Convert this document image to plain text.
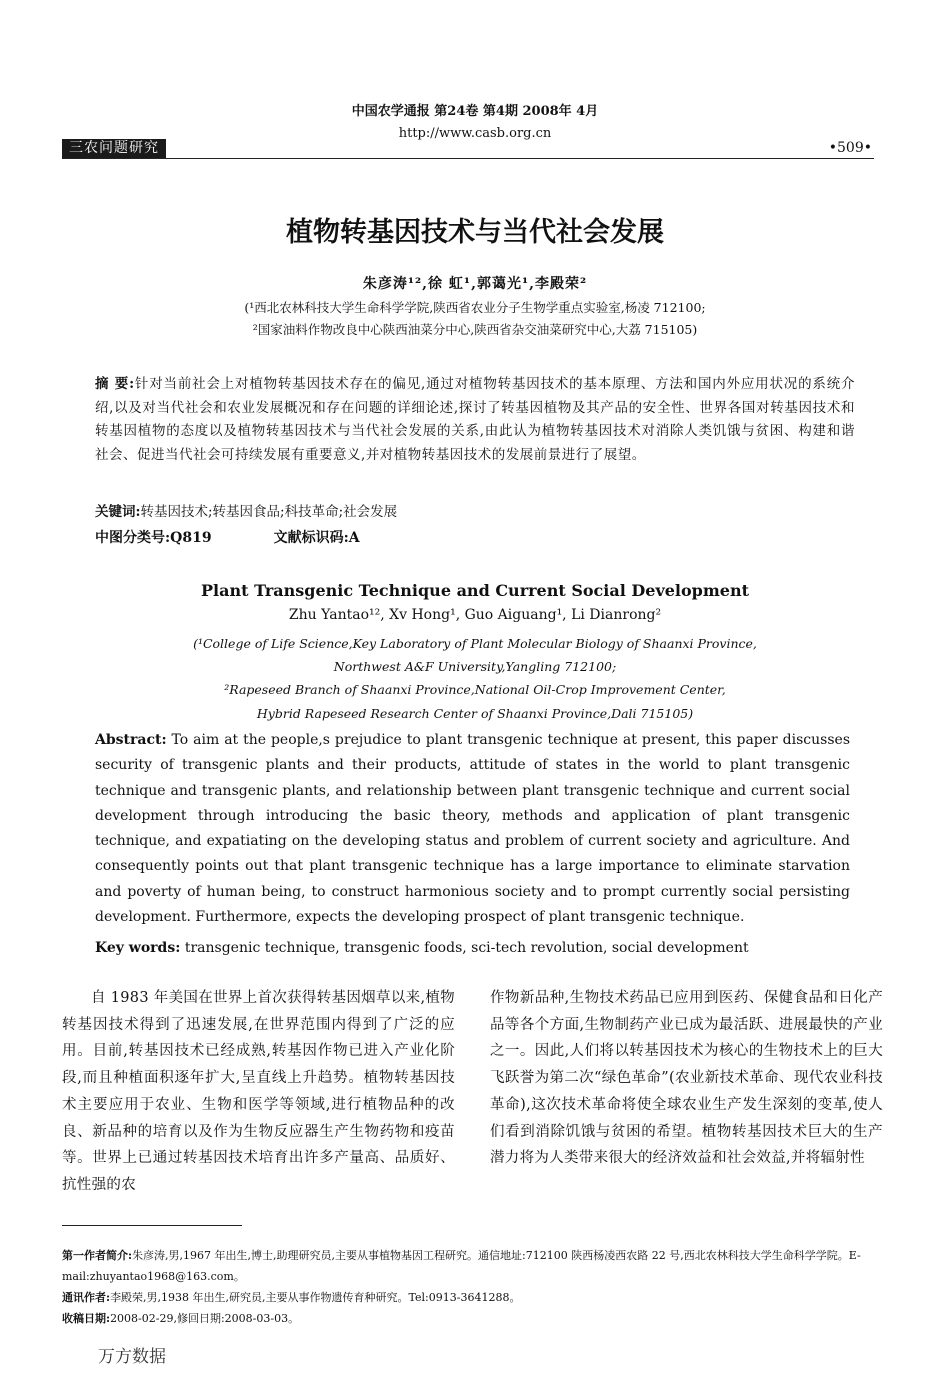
中国农学通报 第24卷 第4期 2008年 4月
http://www.casb.org.cn
三农问题研究	•509•
植物转基因技术与当代社会发展
朱彦涛¹²,徐 虹¹,郭蔼光¹,李殿荣²
(¹西北农林科技大学生命科学学院,陕西省农业分子生物学重点实验室,杨凌 712100;
²国家油料作物改良中心陕西油菜分中心,陕西省杂交油菜研究中心,大荔 715105)
摘 要:针对当前社会上对植物转基因技术存在的偏见,通过对植物转基因技术的基本原理、方法和国内外应用状况的系统介绍,以及对当代社会和农业发展概况和存在问题的详细论述,探讨了转基因植物及其产品的安全性、世界各国对转基因技术和转基因植物的态度以及植物转基因技术与当代社会发展的关系,由此认为植物转基因技术对消除人类饥饿与贫困、构建和谐社会、促进当代社会可持续发展有重要意义,并对植物转基因技术的发展前景进行了展望。
关键词:转基因技术;转基因食品;科技革命;社会发展
中图分类号:Q819	文献标识码:A
Plant Transgenic Technique and Current Social Development
Zhu Yantao¹², Xv Hong¹, Guo Aiguang¹, Li Dianrong²
(¹College of Life Science,Key Laboratory of Plant Molecular Biology of Shaanxi Province,
Northwest A&F University,Yangling 712100;
²Rapeseed Branch of Shaanxi Province,National Oil-Crop Improvement Center,
Hybrid Rapeseed Research Center of Shaanxi Province,Dali 715105)
Abstract: To aim at the people,s prejudice to plant transgenic technique at present, this paper discusses security of transgenic plants and their products, attitude of states in the world to plant transgenic technique and transgenic plants, and relationship between plant transgenic technique and current social development through introducing the basic theory, methods and application of plant transgenic technique, and expatiating on the developing status and problem of current society and agriculture. And consequently points out that plant transgenic technique has a large importance to eliminate starvation and poverty of human being, to construct harmonious society and to prompt currently social persisting development. Furthermore, expects the developing prospect of plant transgenic technique.
Key words: transgenic technique, transgenic foods, sci-tech revolution, social development
自 1983 年美国在世界上首次获得转基因烟草以来,植物转基因技术得到了迅速发展,在世界范围内得到了广泛的应用。目前,转基因技术已经成熟,转基因作物已进入产业化阶段,而且种植面积逐年扩大,呈直线上升趋势。植物转基因技术主要应用于农业、生物和医学等领域,进行植物品种的改良、新品种的培育以及作为生物反应器生产生物药物和疫苗等。世界上已通过转基因技术培育出许多产量高、品质好、抗性强的农
作物新品种,生物技术药品已应用到医药、保健食品和日化产品等各个方面,生物制药产业已成为最活跃、进展最快的产业之一。因此,人们将以转基因技术为核心的生物技术上的巨大飞跃誉为第二次“绿色革命”(农业新技术革命、现代农业科技革命),这次技术革命将使全球农业生产发生深刻的变革,使人们看到消除饥饿与贫困的希望。植物转基因技术巨大的生产潜力将为人类带来很大的经济效益和社会效益,并将辐射性
第一作者简介:朱彦涛,男,1967 年出生,博士,助理研究员,主要从事植物基因工程研究。通信地址:712100 陕西杨凌西农路 22 号,西北农林科技大学生命科学学院。E-mail:zhuyantao1968@163.com。
通讯作者:李殿荣,男,1938 年出生,研究员,主要从事作物遗传育种研究。Tel:0913-3641288。
收稿日期:2008-02-29,修回日期:2008-03-03。
万方数据
